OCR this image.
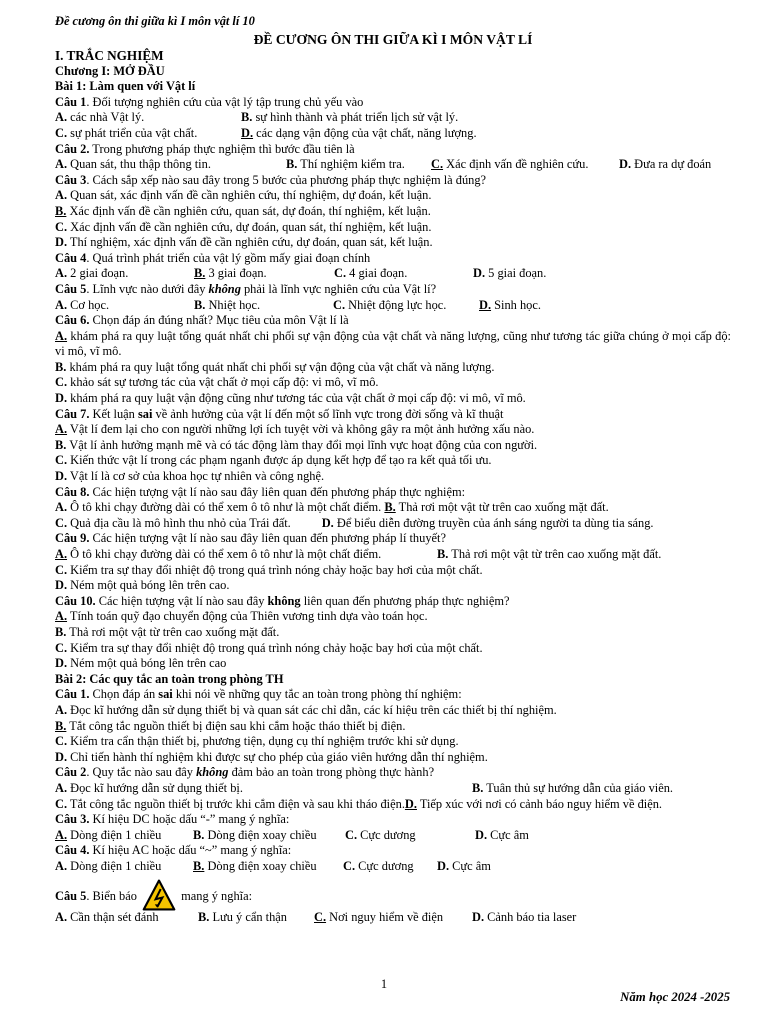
Đề cương ôn thi giữa kì I môn vật lí 10
ĐỀ CƯƠNG ÔN THI GIỮA KÌ I MÔN VẬT LÍ
I. TRẮC NGHIỆM
Chương I: MỞ ĐẦU
Bài 1: Làm quen với Vật lí
Câu 1. Đối tượng nghiên cứu của vật lý tập trung chủ yếu vào
A. các nhà Vật lý.	B. sự hình thành và phát triển lịch sử vật lý.
C. sự phát triển của vật chất.	D. các dạng vận động của vật chất, năng lượng.
Câu 2. Trong phương pháp thực nghiệm thì bước đầu tiên là
A. Quan sát, thu thập thông tin.	B. Thí nghiệm kiểm tra.	C. Xác định vấn đề nghiên cứu.	D. Đưa ra dự đoán
Câu 3. Cách sắp xếp nào sau đây trong 5 bước của phương pháp thực nghiệm là đúng?
A. Quan sát, xác định vấn đề cần nghiên cứu, thí nghiệm, dự đoán, kết luận.
B. Xác định vấn đề cần nghiên cứu, quan sát, dự đoán, thí nghiệm, kết luận.
C. Xác định vấn đề cần nghiên cứu, dự đoán, quan sát, thí nghiệm, kết luận.
D. Thí nghiệm, xác định vấn đề cần nghiên cứu, dự đoán, quan sát, kết luận.
Câu 4. Quá trình phát triển của vật lý gồm mấy giai đoạn chính
A. 2 giai đoạn.	B. 3 giai đoạn.	C. 4 giai đoạn.	D. 5 giai đoạn.
Câu 5. Lĩnh vực nào dưới đây không phải là lĩnh vực nghiên cứu của Vật lí?
A. Cơ học.	B. Nhiệt học.	C. Nhiệt động lực học.	D. Sinh học.
Câu 6. Chọn đáp án đúng nhất? Mục tiêu của môn Vật lí là
A. khám phá ra quy luật tổng quát nhất chi phối sự vận động của vật chất và năng lượng, cũng như tương tác giữa chúng ở mọi cấp độ: vi mô, vĩ mô.
B. khám phá ra quy luật tổng quát nhất chi phối sự vận động của vật chất và năng lượng.
C. khảo sát sự tương tác của vật chất ở mọi cấp độ: vi mô, vĩ mô.
D. khám phá ra quy luật vận động cũng như tương tác của vật chất ở mọi cấp độ: vi mô, vĩ mô.
Câu 7. Kết luận sai về ảnh hưởng của vật lí đến một số lĩnh vực trong đời sống và kĩ thuật
A. Vật lí đem lại cho con người những lợi ích tuyệt vời và không gây ra một ảnh hưởng xấu nào.
B. Vật lí ảnh hưởng mạnh mẽ và có tác động làm thay đổi mọi lĩnh vực hoạt động của con người.
C. Kiến thức vật lí trong các phạm nganh được áp dụng kết hợp để tạo ra kết quả tối ưu.
D. Vật lí là cơ sở của khoa học tự nhiên và công nghệ.
Câu 8. Các hiện tượng vật lí nào sau đây liên quan đến phương pháp thực nghiệm:
A. Ô tô khi chạy đường dài có thể xem ô tô như là một chất điểm. B. Thả rơi một vật từ trên cao xuống mặt đất.
C. Quả địa cầu là mô hình thu nhỏ của Trái đất. D. Để biểu diễn đường truyền của ánh sáng người ta dùng tia sáng.
Câu 9. Các hiện tượng vật lí nào sau đây liên quan đến phương pháp lí thuyết?
A. Ô tô khi chạy đường dài có thể xem ô tô như là một chất điểm.	B. Thả rơi một vật từ trên cao xuống mặt đất.
C. Kiểm tra sự thay đổi nhiệt độ trong quá trình nóng chảy hoặc bay hơi của một chất.
D. Ném một quả bóng lên trên cao.
Câu 10. Các hiện tượng vật lí nào sau đây không liên quan đến phương pháp thực nghiệm?
A. Tính toán quỹ đạo chuyển động của Thiên vương tinh dựa vào toán học.
B. Thả rơi một vật từ trên cao xuống mặt đất.
C. Kiểm tra sự thay đổi nhiệt độ trong quá trình nóng chảy hoặc bay hơi của một chất.
D. Ném một quả bóng lên trên cao
Bài 2: Các quy tắc an toàn trong phòng TH
Câu 1. Chọn đáp án sai khi nói về những quy tắc an toàn trong phòng thí nghiệm:
A. Đọc kĩ hướng dẫn sử dụng thiết bị và quan sát các chỉ dẫn, các kí hiệu trên các thiết bị thí nghiệm.
B. Tắt công tắc nguồn thiết bị điện sau khi cắm hoặc tháo thiết bị điện.
C. Kiểm tra cẩn thận thiết bị, phương tiện, dụng cụ thí nghiệm trước khi sử dụng.
D. Chỉ tiến hành thí nghiệm khi được sự cho phép của giáo viên hướng dẫn thí nghiệm.
Câu 2. Quy tắc nào sau đây không đảm bảo an toàn trong phòng thực hành?
A. Đọc kĩ hướng dẫn sử dụng thiết bị.	B. Tuân thủ sự hướng dẫn của giáo viên.
C. Tắt công tắc nguồn thiết bị trước khi cắm điện và sau khi tháo điện.D. Tiếp xúc với nơi có cảnh báo nguy hiểm về điện.
Câu 3. Kí hiệu DC hoặc dấu “-” mang ý nghĩa:
A. Dòng điện 1 chiều	B. Dòng điện xoay chiều	C. Cực dương	D. Cực âm
Câu 4. Kí hiệu AC hoặc dấu “~” mang ý nghĩa:
A. Dòng điện 1 chiều	B. Dòng điện xoay chiều	C. Cực dương	D. Cực âm
Câu 5. Biển báo	mang ý nghĩa:
A. Cần thận sét đánh	B. Lưu ý cẩn thận	C. Nơi nguy hiểm về điện	D. Cảnh báo tia laser
1
Năm học 2024 -2025
